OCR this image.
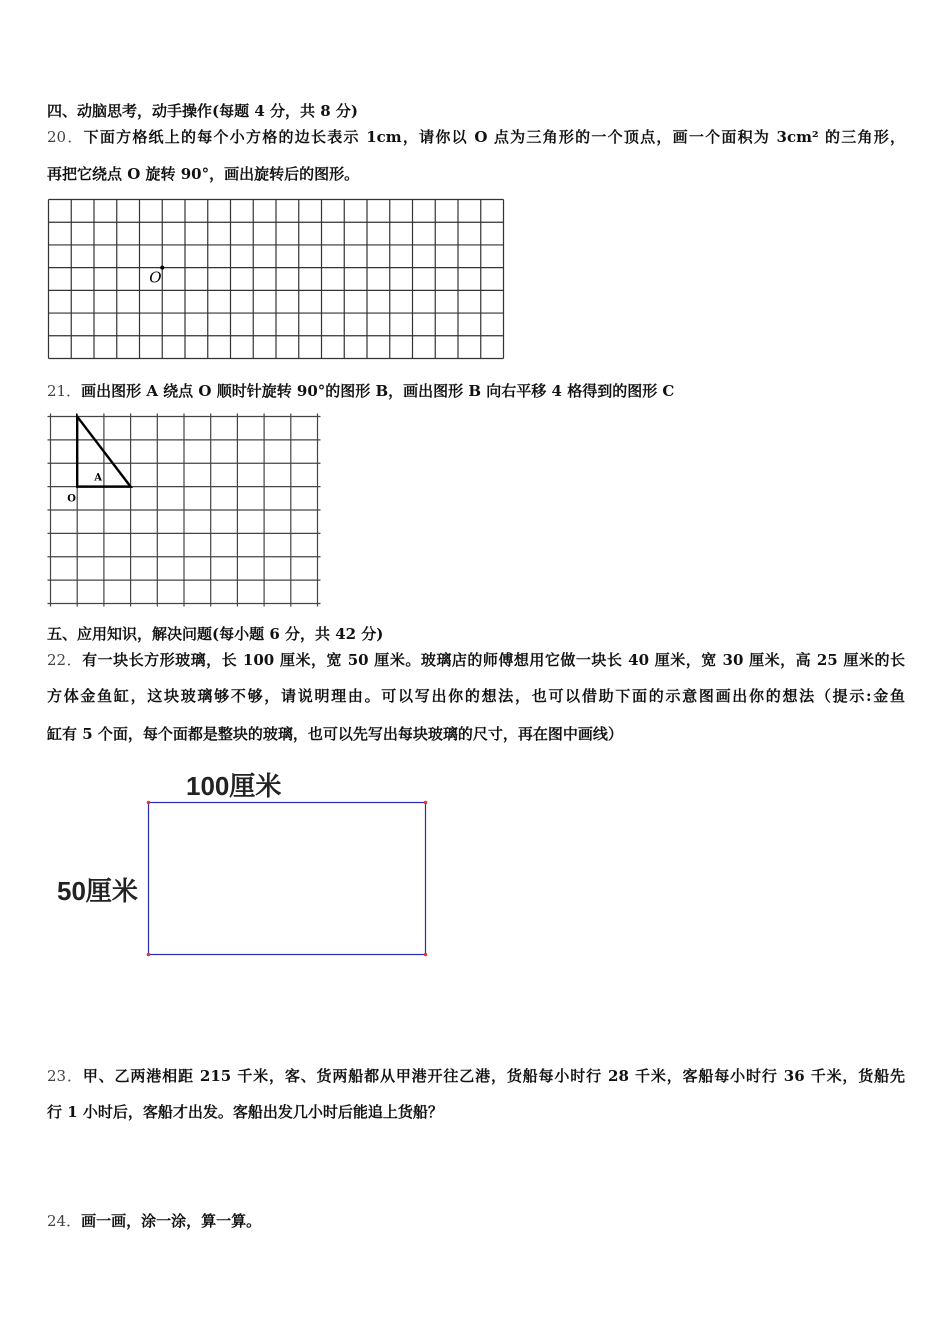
四、动脑思考，动手操作(每题 4 分，共 8 分)
20．下面方格纸上的每个小方格的边长表示 1cm，请你以 O 点为三角形的一个顶点，画一个面积为 3cm² 的三角形，
再把它绕点 O 旋转 90°，画出旋转后的图形。
O
21．画出图形 A 绕点 O 顺时针旋转 90°的图形 B，画出图形 B 向右平移 4 格得到的图形 C
A
O
五、应用知识，解决问题(每小题 6 分，共 42 分)
22．有一块长方形玻璃，长 100 厘米，宽 50 厘米。玻璃店的师傅想用它做一块长 40 厘米，宽 30 厘米，高 25 厘米的长
方体金鱼缸，这块玻璃够不够，请说明理由。可以写出你的想法，也可以借助下面的示意图画出你的想法（提示:金鱼
缸有 5 个面，每个面都是整块的玻璃，也可以先写出每块玻璃的尺寸，再在图中画线）
100厘米
50厘米
23．甲、乙两港相距 215 千米，客、货两船都从甲港开往乙港，货船每小时行 28 千米，客船每小时行 36 千米，货船先
行 1 小时后，客船才出发。客船出发几小时后能追上货船？
24．画一画，涂一涂，算一算。
